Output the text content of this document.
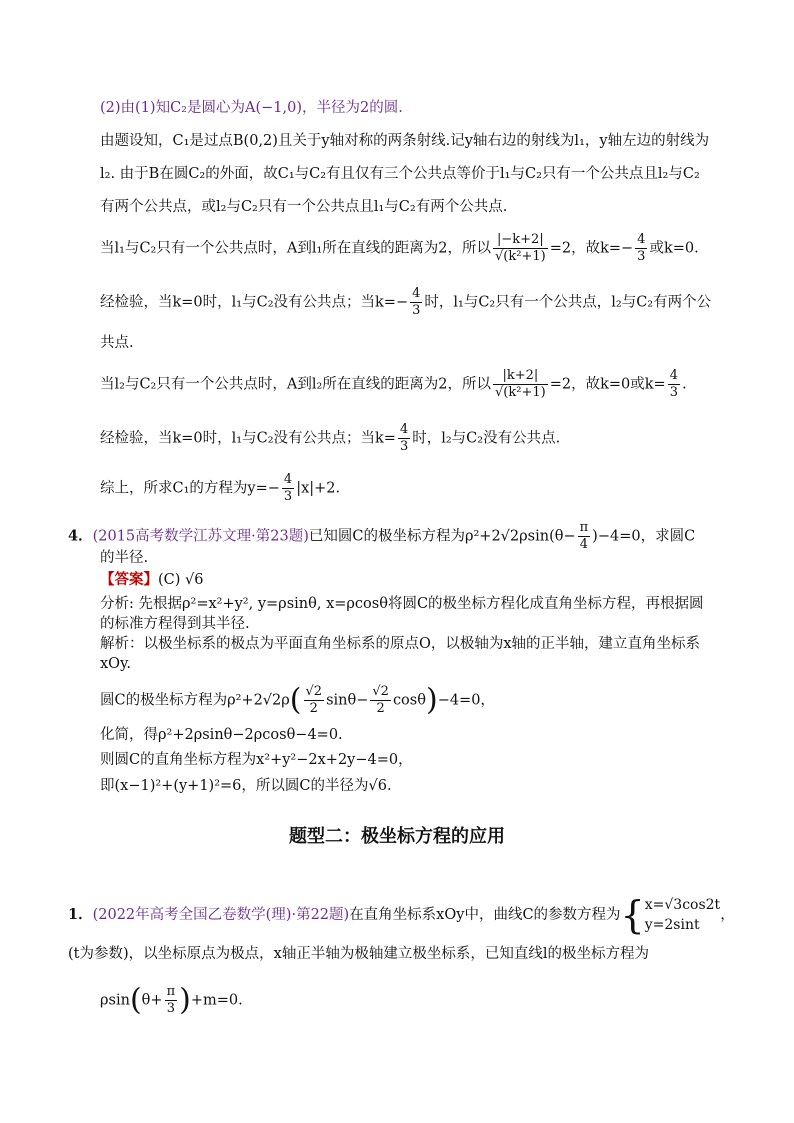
(2)由(1)知C₂是圆心为A(−1,0)，半径为2的圆.
由题设知，C₁是过点B(0,2)且关于y轴对称的两条射线.记y轴右边的射线为l₁，y轴左边的射线为
l₂. 由于B在圆C₂的外面，故C₁与C₂有且仅有三个公共点等价于l₁与C₂只有一个公共点且l₂与C₂
有两个公共点，或l₂与C₂只有一个公共点且l₁与C₂有两个公共点.
当l₁与C₂只有一个公共点时，A到l₁所在直线的距离为2，所以 $\frac{|-k+2|}{\text{√(k²+1)}} =2$，故$k=- \frac{4}{3}$ 或k=0.
经检验，当k=0时，l₁与C₂没有公共点；当$k=- \frac{4}{3}$ 时，l₁与C₂只有一个公共点，l₂与C₂有两个公
共点.
当l₂与C₂只有一个公共点时，A到l₂所在直线的距离为2，所以 $\frac{|k+2|}{\text{√(k²+1)}} =2$，故k=0或$k= \frac{4}{3}$ .
经检验，当k=0时，l₁与C₂没有公共点；当$k= \frac{4}{3}$ 时，l₂与C₂没有公共点.
综上，所求C₁的方程为$y=- \frac{4}{3} |x|+2$.
4．(2015高考数学江苏文理·第23题)已知圆C的极坐标方程为$\rho^2+2√2\rho\sin(\theta- \frac{\pi}{4} )-4=0$，求圆C
的半径.
【答案】(C) √6
分析: 先根据ρ²=x²+y², y=ρsinθ, x=ρcosθ将圆C的极坐标方程化成直角坐标方程，再根据圆
的标准方程得到其半径.
解析：以极坐标系的极点为平面直角坐标系的原点O，以极轴为x轴的正半轴，建立直角坐标系
xOy.
圆C的极坐标方程为$\rho^2+2√2\rho( \frac{√2}{2} \sin\theta- \frac{√2}{2} \cos\theta)-4=0$，
化简，得ρ²+2ρsinθ−2ρcosθ−4=0.
则圆C的直角坐标方程为x²+y²−2x+2y−4=0，
即(x−1)²+(y+1)²=6，所以圆C的半径为√6.
题型二：极坐标方程的应用
1．(2022年高考全国乙卷数学(理)·第22题)在直角坐标系xOy中，曲线C的参数方程为{ x=√3cos2t
y=2sint
，
(t为参数)，以坐标原点为极点，x轴正半轴为极轴建立极坐标系，已知直线l的极坐标方程为
$\rho\sin(\theta+ \frac{\pi}{3} )+m=0$.
